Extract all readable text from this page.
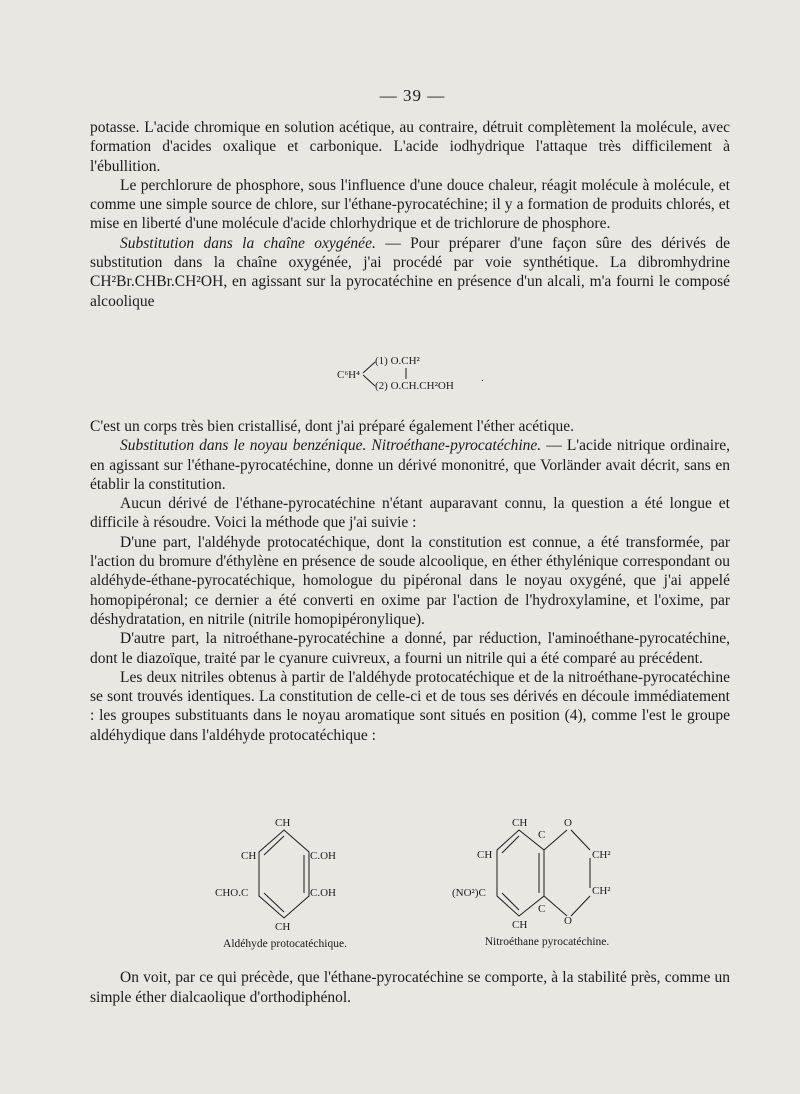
— 39 —

potasse. L'acide chromique en solution acétique, au contraire, détruit complètement la molécule, avec formation d'acides oxalique et carbonique. L'acide iodhydrique l'attaque très difficilement à l'ébullition.

Le perchlorure de phosphore, sous l'influence d'une douce chaleur, réagit molécule à molécule, et comme une simple source de chlore, sur l'éthane-pyrocatéchine; il y a formation de produits chlorés, et mise en liberté d'une molécule d'acide chlorhydrique et de trichlorure de phosphore.

Substitution dans la chaîne oxygénée. — Pour préparer d'une façon sûre des dérivés de substitution dans la chaîne oxygénée, j'ai procédé par voie synthétique. La dibromhydrine CH²Br.CHBr.CH²OH, en agissant sur la pyrocatéchine en présence d'un alcali, m'a fourni le composé alcoolique

C⁶H⁴
(1) O.CH²
(2) O.CH.CH²OH
.

C'est un corps très bien cristallisé, dont j'ai préparé également l'éther acétique.

Substitution dans le noyau benzénique. Nitroéthane-pyrocatéchine. — L'acide nitrique ordinaire, en agissant sur l'éthane-pyrocatéchine, donne un dérivé mononitré, que Vorländer avait décrit, sans en établir la constitution.

Aucun dérivé de l'éthane-pyrocatéchine n'étant auparavant connu, la question a été longue et difficile à résoudre. Voici la méthode que j'ai suivie :

D'une part, l'aldéhyde protocatéchique, dont la constitution est connue, a été transformée, par l'action du bromure d'éthylène en présence de soude alcoolique, en éther éthylénique correspondant ou aldéhyde-éthane-pyrocatéchique, homologue du pipéronal dans le noyau oxygéné, que j'ai appelé homopipéronal; ce dernier a été converti en oxime par l'action de l'hydroxylamine, et l'oxime, par déshydratation, en nitrile (nitrile homopipéronylique).

D'autre part, la nitroéthane-pyrocatéchine a donné, par réduction, l'aminoéthane-pyrocatéchine, dont le diazoïque, traité par le cyanure cuivreux, a fourni un nitrile qui a été comparé au précédent.

Les deux nitriles obtenus à partir de l'aldéhyde protocatéchique et de la nitroéthane-pyrocatéchine se sont trouvés identiques. La constitution de celle-ci et de tous ses dérivés en découle immédiatement : les groupes substituants dans le noyau aromatique sont situés en position (4), comme l'est le groupe aldéhydique dans l'aldéhyde protocatéchique :

CH
CH	C.OH
CHO.C	C.OH
CH
Aldéhyde protocatéchique.
CH	O
C
CH	CH²
(NO²)C	CH²
C
CH	O
Nitroéthane pyrocatéchine.

On voit, par ce qui précède, que l'éthane-pyrocatéchine se comporte, à la stabilité près, comme un simple éther dialcaolique d'orthodiphénol.
